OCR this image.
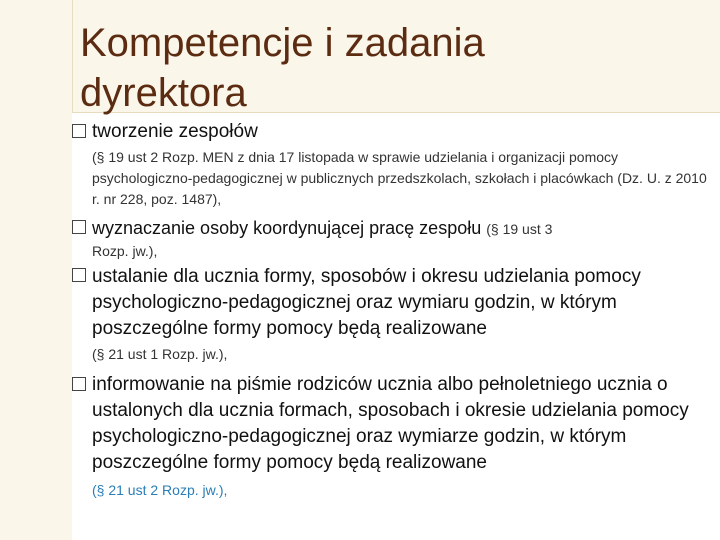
Kompetencje i zadania
dyrektora
tworzenie zespołów
(§ 19 ust 2 Rozp. MEN z dnia 17 listopada w sprawie udzielania i organizacji pomocy psychologiczno-pedagogicznej w publicznych przedszkolach, szkołach i placówkach (Dz. U. z 2010 r. nr 228, poz. 1487),
wyznaczanie osoby koordynującej pracę zespołu (§ 19 ust 3
Rozp. jw.),
ustalanie dla ucznia formy, sposobów i okresu udzielania pomocy psychologiczno-pedagogicznej oraz wymiaru godzin, w którym poszczególne formy pomocy będą realizowane
(§ 21 ust 1 Rozp. jw.),
informowanie na piśmie rodziców ucznia albo pełnoletniego ucznia o ustalonych dla ucznia formach, sposobach i okresie udzielania pomocy psychologiczno-pedagogicznej oraz wymiarze godzin, w którym poszczególne formy pomocy będą realizowane
(§ 21 ust 2 Rozp. jw.),
